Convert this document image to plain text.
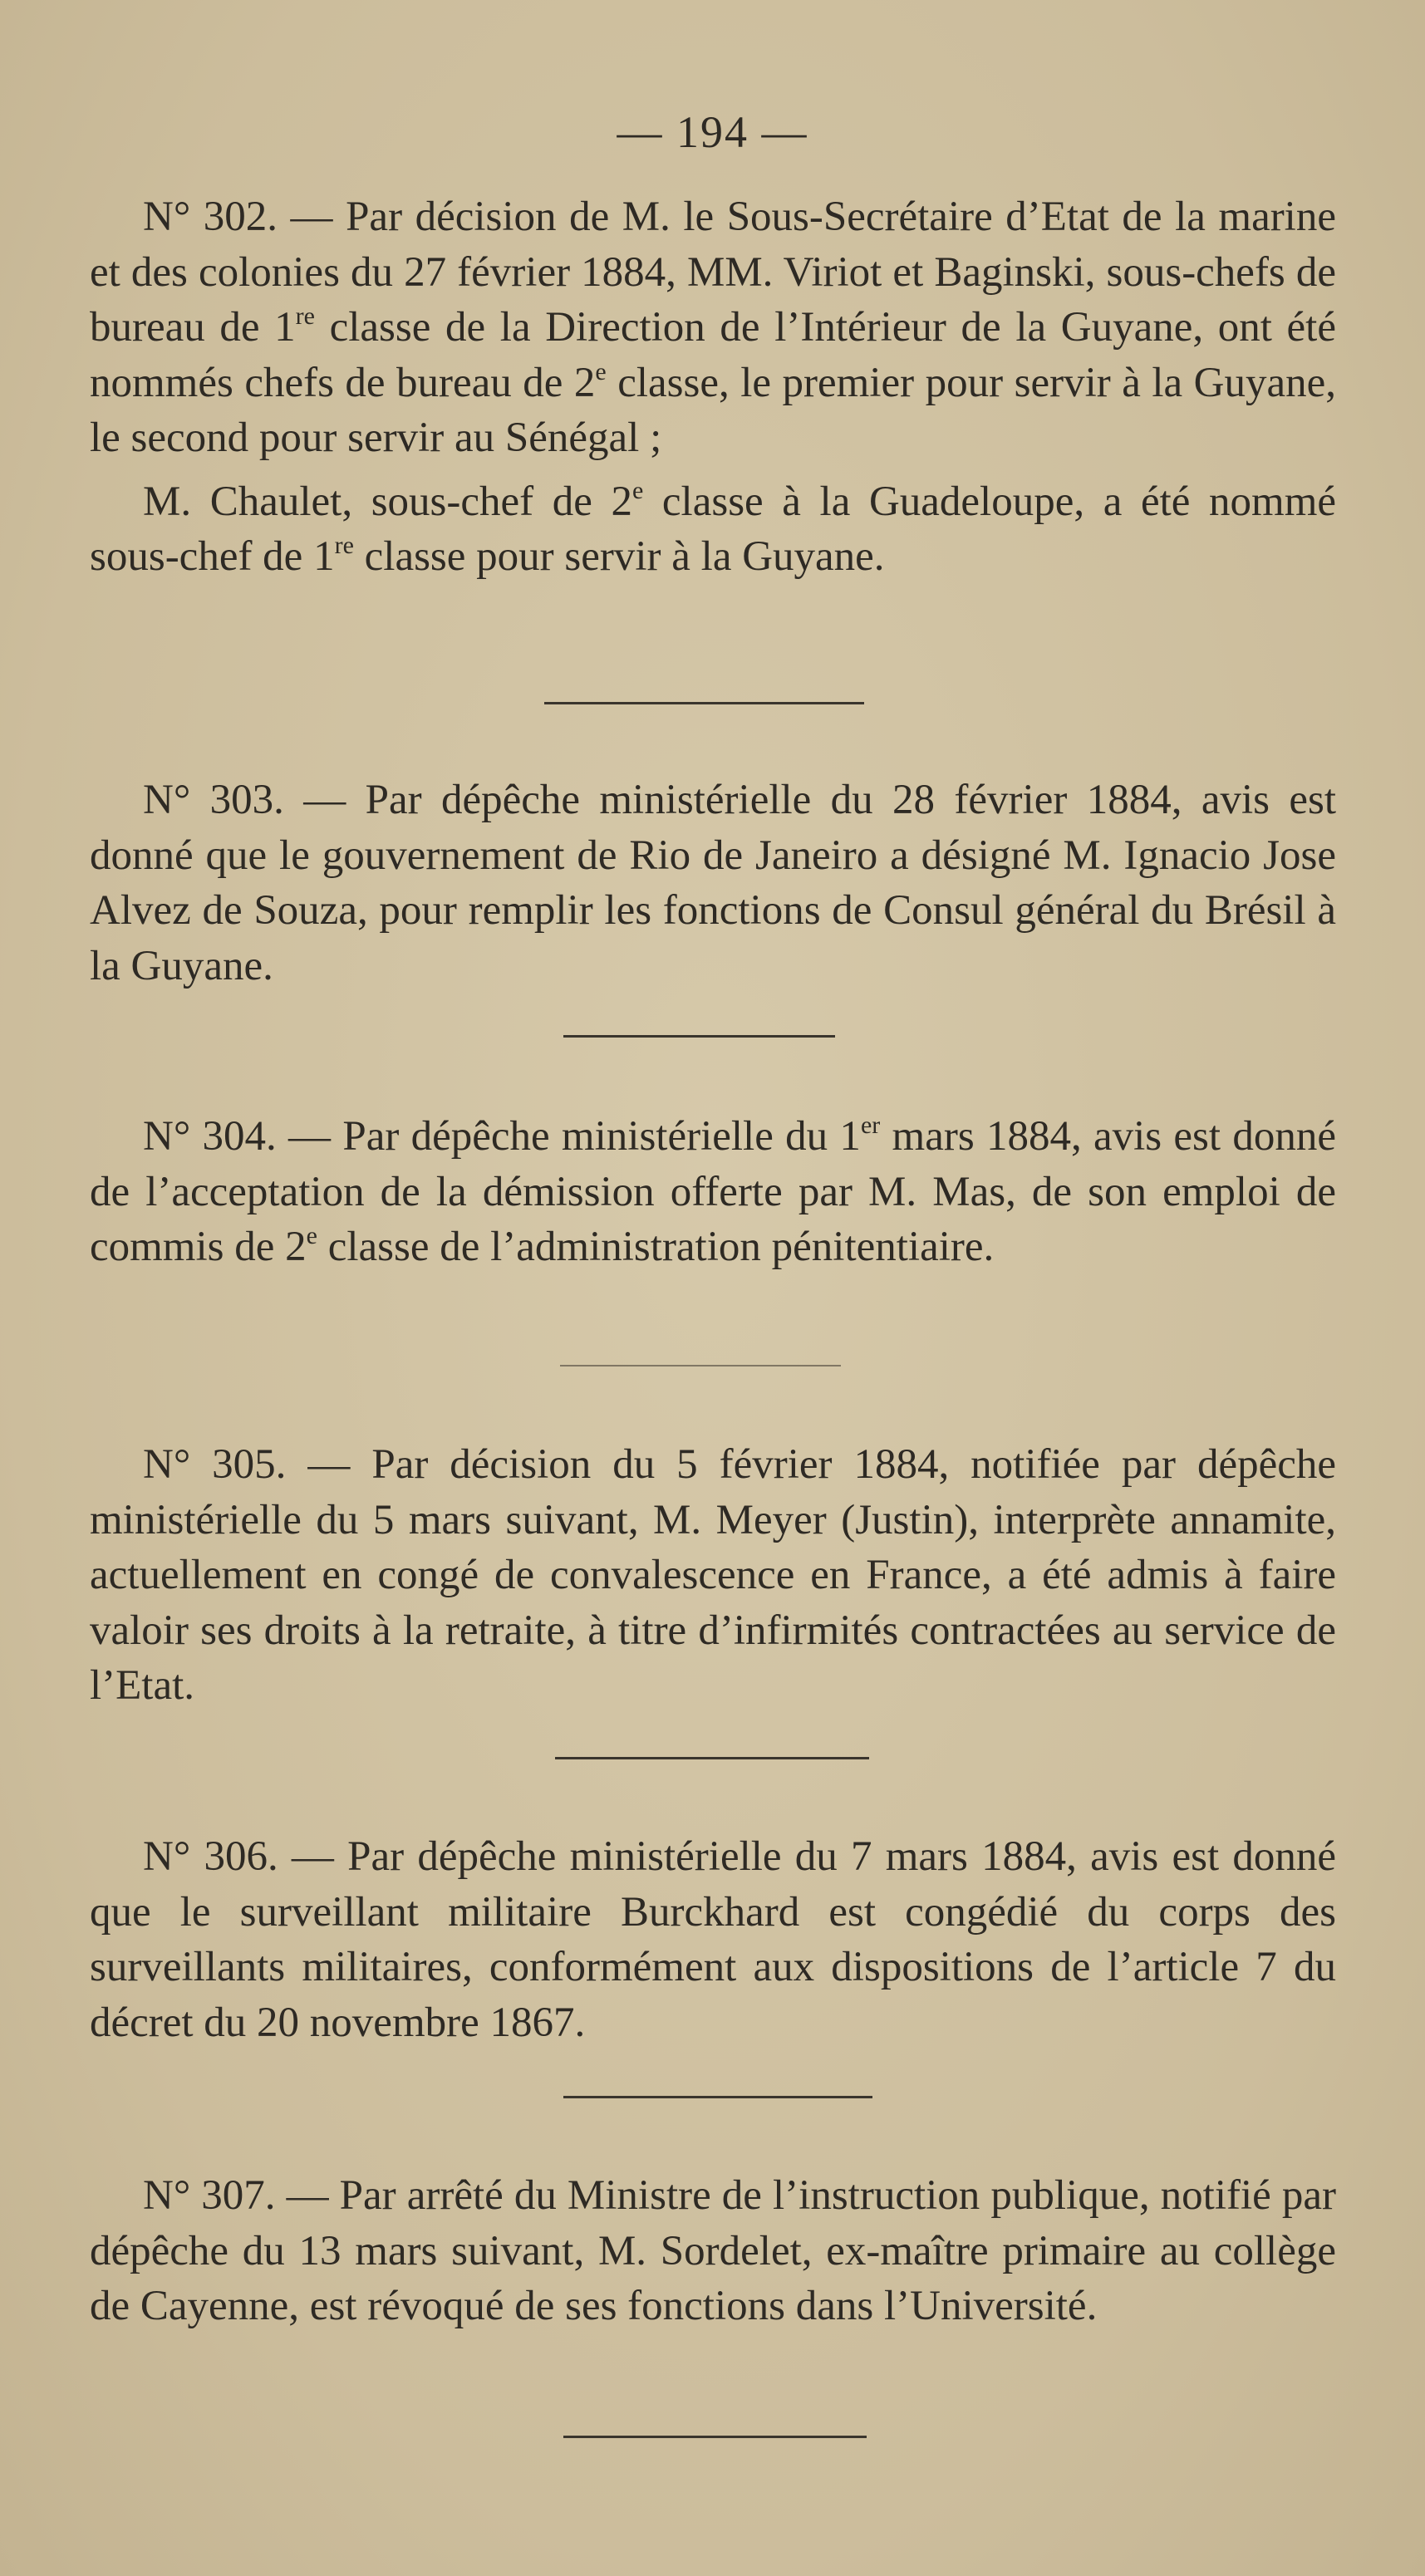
— 194 —

N° 302. — Par décision de M. le Sous-Secrétaire d’Etat de la marine et des colonies du 27 février 1884, MM. Viriot et Baginski, sous-chefs de bureau de 1re classe de la Direction de l’Intérieur de la Guyane, ont été nommés chefs de bureau de 2e classe, le premier pour servir à la Guyane, le second pour servir au Sénégal ;

M. Chaulet, sous-chef de 2e classe à la Guadeloupe, a été nommé sous-chef de 1re classe pour servir à la Guyane.

N° 303. — Par dépêche ministérielle du 28 février 1884, avis est donné que le gouvernement de Rio de Janeiro a désigné M. Ignacio Jose Alvez de Souza, pour remplir les fonctions de Consul général du Brésil à la Guyane.

N° 304. — Par dépêche ministérielle du 1er mars 1884, avis est donné de l’acceptation de la démission offerte par M. Mas, de son emploi de commis de 2e classe de l’administration pénitentiaire.

N° 305. — Par décision du 5 février 1884, notifiée par dépêche ministérielle du 5 mars suivant, M. Meyer (Justin), interprète annamite, actuellement en congé de convalescence en France, a été admis à faire valoir ses droits à la retraite, à titre d’infirmités contractées au service de l’Etat.

N° 306. — Par dépêche ministérielle du 7 mars 1884, avis est donné que le surveillant militaire Burckhard est congédié du corps des surveillants militaires, conformément aux dispositions de l’article 7 du décret du 20 novembre 1867.

N° 307. — Par arrêté du Ministre de l’instruction publique, notifié par dépêche du 13 mars suivant, M. Sordelet, ex-maître primaire au collège de Cayenne, est révoqué de ses fonctions dans l’Université.
